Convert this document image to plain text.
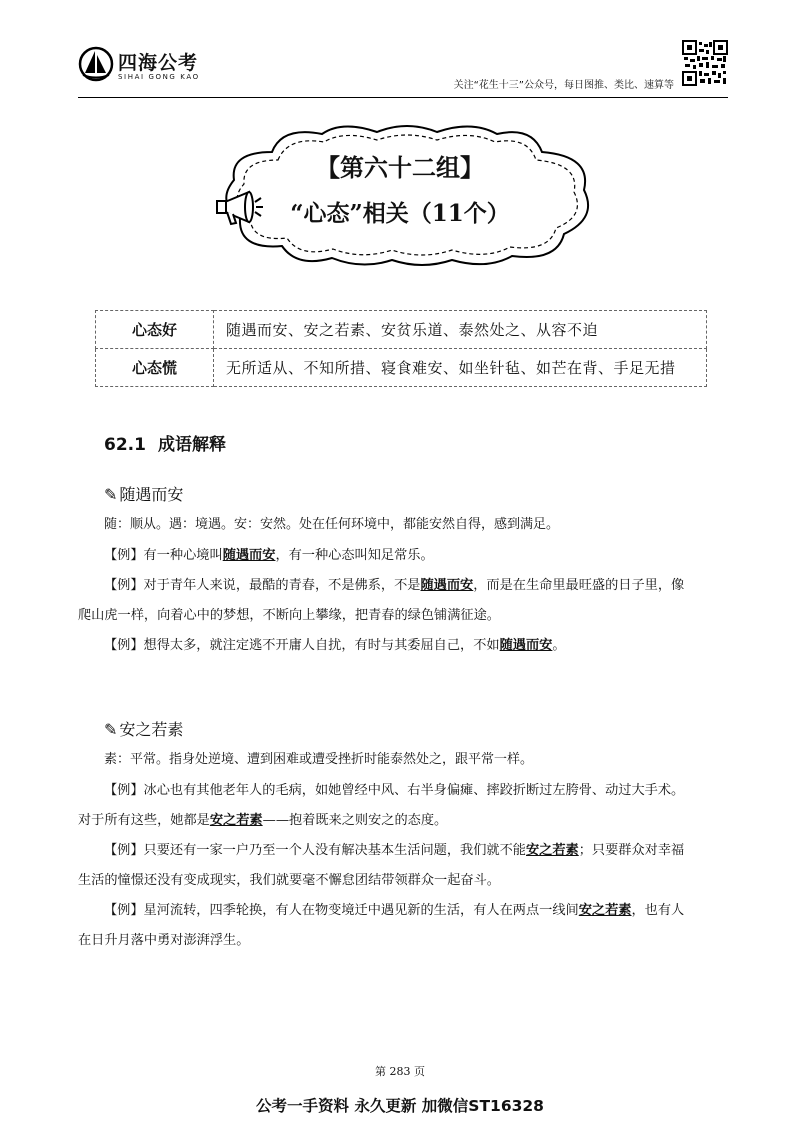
四海公考
SIHAI GONG KAO
关注“花生十三”公众号，每日图推、类比、速算等
【第六十二组】
“心态”相关（11个）
心态好	随遇而安、安之若素、安贫乐道、泰然处之、从容不迫
心态慌	无所适从、不知所措、寝食难安、如坐针毡、如芒在背、手足无措
62.1 成语解释
✎ 随遇而安
随：顺从。遇：境遇。安：安然。处在任何环境中，都能安然自得，感到满足。
【例】有一种心境叫随遇而安，有一种心态叫知足常乐。
【例】对于青年人来说，最酷的青春，不是佛系，不是随遇而安，而是在生命里最旺盛的日子里，像
爬山虎一样，向着心中的梦想，不断向上攀缘，把青春的绿色铺满征途。
【例】想得太多，就注定逃不开庸人自扰，有时与其委屈自己，不如随遇而安。
✎ 安之若素
素：平常。指身处逆境、遭到困难或遭受挫折时能泰然处之，跟平常一样。
【例】冰心也有其他老年人的毛病，如她曾经中风、右半身偏瘫、摔跤折断过左胯骨、动过大手术。
对于所有这些，她都是安之若素——抱着既来之则安之的态度。
【例】只要还有一家一户乃至一个人没有解决基本生活问题，我们就不能安之若素；只要群众对幸福
生活的憧憬还没有变成现实，我们就要毫不懈怠团结带领群众一起奋斗。
【例】星河流转，四季轮换，有人在物变境迁中遇见新的生活，有人在两点一线间安之若素，也有人
在日升月落中勇对澎湃浮生。
第 283 页
公考一手资料 永久更新 加微信ST16328
